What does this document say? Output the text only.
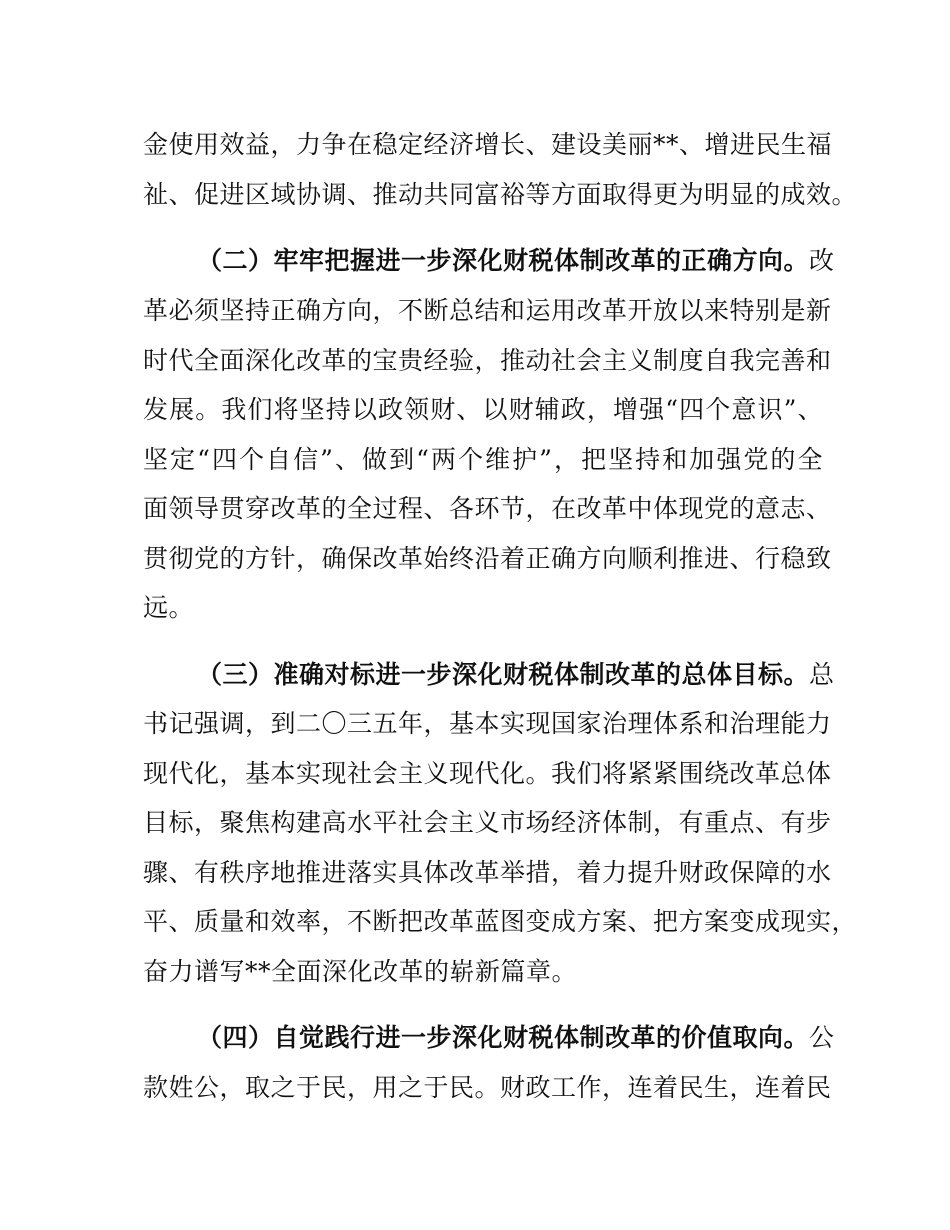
金使用效益，力争在稳定经济增长、建设美丽**、增进民生福
祉、促进区域协调、推动共同富裕等方面取得更为明显的成效。
（二）牢牢把握进一步深化财税体制改革的正确方向。改
革必须坚持正确方向，不断总结和运用改革开放以来特别是新
时代全面深化改革的宝贵经验，推动社会主义制度自我完善和
发展。我们将坚持以政领财、以财辅政，增强“四个意识”、
坚定“四个自信”、做到“两个维护”，把坚持和加强党的全
面领导贯穿改革的全过程、各环节，在改革中体现党的意志、
贯彻党的方针，确保改革始终沿着正确方向顺利推进、行稳致
远。
（三）准确对标进一步深化财税体制改革的总体目标。总
书记强调，到二〇三五年，基本实现国家治理体系和治理能力
现代化，基本实现社会主义现代化。我们将紧紧围绕改革总体
目标，聚焦构建高水平社会主义市场经济体制，有重点、有步
骤、有秩序地推进落实具体改革举措，着力提升财政保障的水
平、质量和效率，不断把改革蓝图变成方案、把方案变成现实，
奋力谱写**全面深化改革的崭新篇章。
（四）自觉践行进一步深化财税体制改革的价值取向。公
款姓公，取之于民，用之于民。财政工作，连着民生，连着民
